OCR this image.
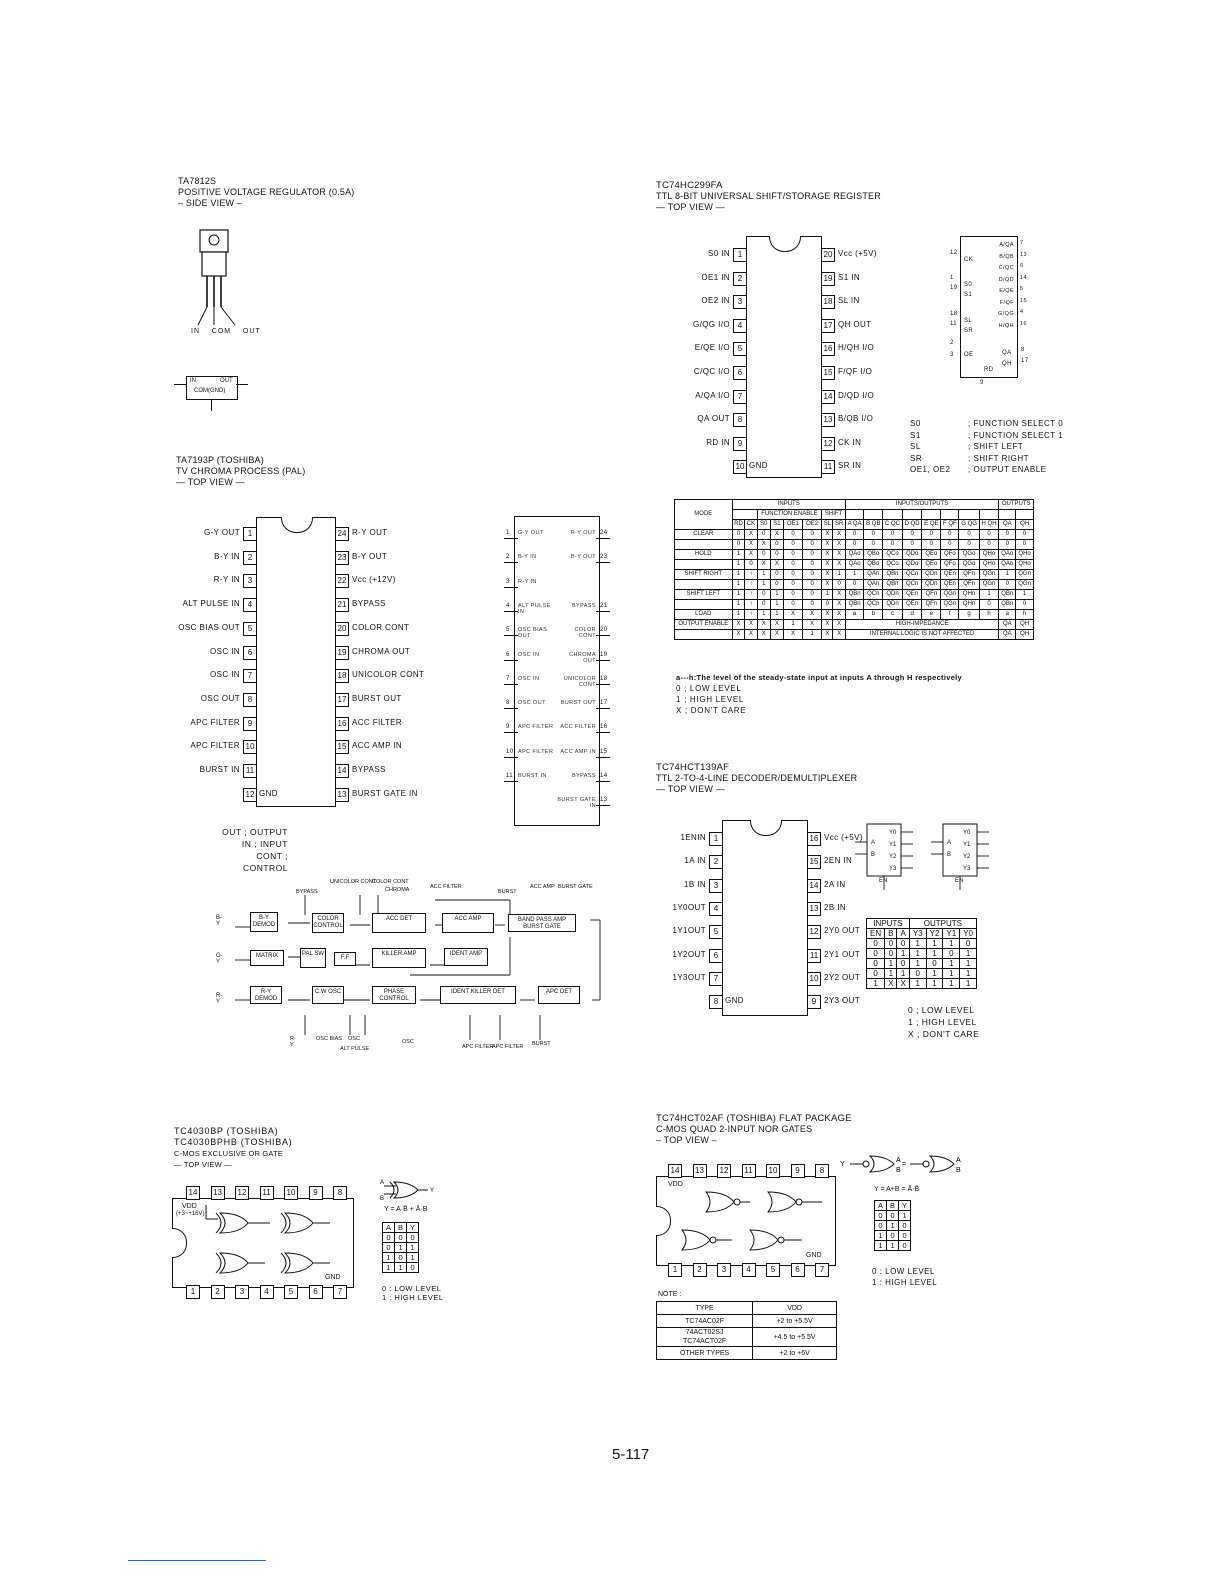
TA7812S
POSITIVE VOLTAGE REGULATOR (0.5A)
– SIDE VIEW –
IN COM OUT
IN	OUT
COM(GND)
TA7193P (TOSHIBA)
TV CHROMA PROCESS (PAL)
— TOP VIEW —
1
G-Y OUT
2
B-Y IN
3
R-Y IN
4
ALT PULSE IN
5
OSC BIAS OUT
6
OSC IN
7
OSC IN
8
OSC OUT
9
APC FILTER
10
APC FILTER
11
BURST IN
12 GND
24 R-Y OUT
23 B-Y OUT
22 Vcc (+12V)
21 BYPASS
20 COLOR CONT
19 CHROMA OUT
18 UNICOLOR CONT
17 BURST OUT
16 ACC FILTER
15 ACC AMP IN
14 BYPASS
13 BURST GATE IN
OUT ; OUTPUT
IN ; INPUT
CONT ; CONTROL
1 G-Y OUT
2 B-Y IN
3 R-Y IN
4 ALT PULSE IN
5 OSC BIAS OUT
6 OSC IN
7 OSC IN
8 OSC OUT
9 APC FILTER
10 APC FILTER
11 BURST IN
24
R-Y OUT
23
B-Y OUT
21
BYPASS
20
COLOR CONT
19
CHROMA OUT
18
UNICOLOR CONT
17
BURST OUT
16
ACC FILTER
15
ACC AMP IN
14
BYPASS
13
BURST GATE IN
B-Y DEMOD
MATRIX
R-Y DEMOD
COLOR CONTROL
PAL SW
F.F
C.W OSC
ACC DET
KILLER AMP
PHASE CONTROL
ACC AMP
IDENT AMP
IDENT KILLER DET
BAND PASS AMP BURST GATE
APC DET
BYPASS
UNICOLOR CONT
COLOR CONT
CHROMA	ACC FILTER
BURST
ACC AMP BURST GATE
B-Y
G-Y
R-Y
R-Y
OSC BIAS OSC
ALT PULSE
OSC
APC FILTER
APC FILTER BURST
TC74HC299FA
TTL 8-BIT UNIVERSAL SHIFT/STORAGE REGISTER
— TOP VIEW —
1
S0 IN
2
OE1 IN
3
OE2 IN
4
G/QG I/O
5
E/QE I/O
6
C/QC I/O
7
A/QA I/O
8
QA OUT
9
RD IN
10 GND
20 Vcc (+5V)
19 S1 IN
18 SL IN
17 QH OUT
16 H/QH I/O
15 F/QF I/O
14 D/QD I/O
13 B/QB I/O
12 CK IN
11 SR IN
CK
S0
S1
SL
SR
OE
12
1
19
18
11
2
3
A/QA 7
B/QB 13
C/QC 6
D/QD 14
E/QE 5
F/QF 15
G/QG 4
H/QH 16
QA 8
QH 17
RD
9
S0	; FUNCTION SELECT 0
S1	; FUNCTION SELECT 1
SL	; SHIFT LEFT
SR	; SHIFT RIGHT
OE1, OE2	; OUTPUT ENABLE
MODE	INPUTS								INPUTS/OUTPUTS								OUTPUTS	
			FUNCTION ENABLE				SHIFT											
	RD	CK	S0	S1	OE1	OE2	SL	SR	A QA	B QB	C QC	D QD	E QE	F QF	G QG	H QH	QA	QH
CLEAR	0	X	0	X	0	0	X	X	0	0	0	0	0	0	0	0	0	0
	0	X	X	0	0	0	X	X	0	0	0	0	0	0	0	0	0	0
HOLD	1	X	0	0	0	0	X	X	QAo	QBo	QCo	QDo	QEo	QFo	QGo	QHo	QAo	QHo
	1	0	X	X	0	0	X	X	QAo	QBo	QCo	QDo	QEo	QFo	QGo	QHo	QAo	QHo
SHIFT RIGHT	1	↑	1	0	0	0	X	1	1	QAn	QBn	QCn	QDn	QEn	QFn	QGn	1	QGn
	1	↑	1	0	0	0	X	0	0	QAn	QBn	QCn	QDn	QEn	QFn	QGn	0	QGn
SHIFT LEFT	1	↑	0	1	0	0	1	X	QBn	QCn	QDn	QEn	QFn	QGn	QHn	1	QBn	1
	1	↑	0	1	0	0	0	X	QBn	QCn	QDn	QEn	QFn	QGn	QHn	0	QBn	0
LOAD	1	↑	1	1	X	X	X	X	a	b	c	d	e	f	g	h	a	h
OUTPUT ENABLE	X	X	X	X	1	X	X	X	HIGH-IMPEDANCE								QA	QH
	X	X	X	X	X	1	X	X	INTERNAL LOGIC IS NOT AFFECTED								QA	QH
a---h:The level of the steady-state input at inputs A through H respectively
0 ; LOW LEVEL
1 ; HIGH LEVEL
X ; DON'T CARE
TC74HCT139AF
TTL 2-TO-4-LINE DECODER/DEMULTIPLEXER
— TOP VIEW —
1
1ENIN
2
1A IN
3
1B IN
4
1Y0OUT
5
1Y1OUT
6
1Y2OUT
7
1Y3OUT
8 GND
16 Vcc (+5V)
15 2EN IN
14 2A IN
13 2B IN
12 2Y0 OUT
11 2Y1 OUT
10 2Y2 OUT
9 2Y3 OUT
A
B
A
B
Y0
Y1
Y2
Y3
Y0
Y1
Y2
Y3
EN	EN
INPUTS			OUTPUTS			
EN	B	A	Y3	Y2	Y1	Y0
0	0	0	1	1	1	0
0	0	1	1	1	0	1
0	1	0	1	0	1	1
0	1	1	0	1	1	1
1	X	X	1	1	1	1
0 ; LOW LEVEL
1 ; HIGH LEVEL
X ; DON'T CARE
TC4030BP (TOSHIBA)
TC4030BPHB (TOSHIBA)
C-MOS EXCLUSIVE OR GATE
— TOP VIEW —
14	13	12	11	10	9	8
1	2	3	4	5	6	7
VDD
(+3~+16V)
GND
A
B
Y
Y = A·B̄ + Ā·B
A	B	Y
0	0	0
0	1	1
1	0	1
1	1	0
0 : LOW LEVEL
1 : HIGH LEVEL
TC74HCT02AF (TOSHIBA) FLAT PACKAGE
C-MOS QUAD 2-INPUT NOR GATES
– TOP VIEW –
14	13	12	11	10	9	8
1	2	3	4	5	6	7
VDD
GND
Y
A
B
=
A
B
Y = A+B = Ā·B̄
A	B	Y
0	0	1
0	1	0
1	0	0
1	1	0
0 : LOW LEVEL
1 : HIGH LEVEL
NOTE :
TYPE	VDD
TC74AC02F	+2 to +5.5V
74ACT02SJ
TC74ACT02F	+4.5 to +5.5V
OTHER TYPES	+2 to +6V
5-117
